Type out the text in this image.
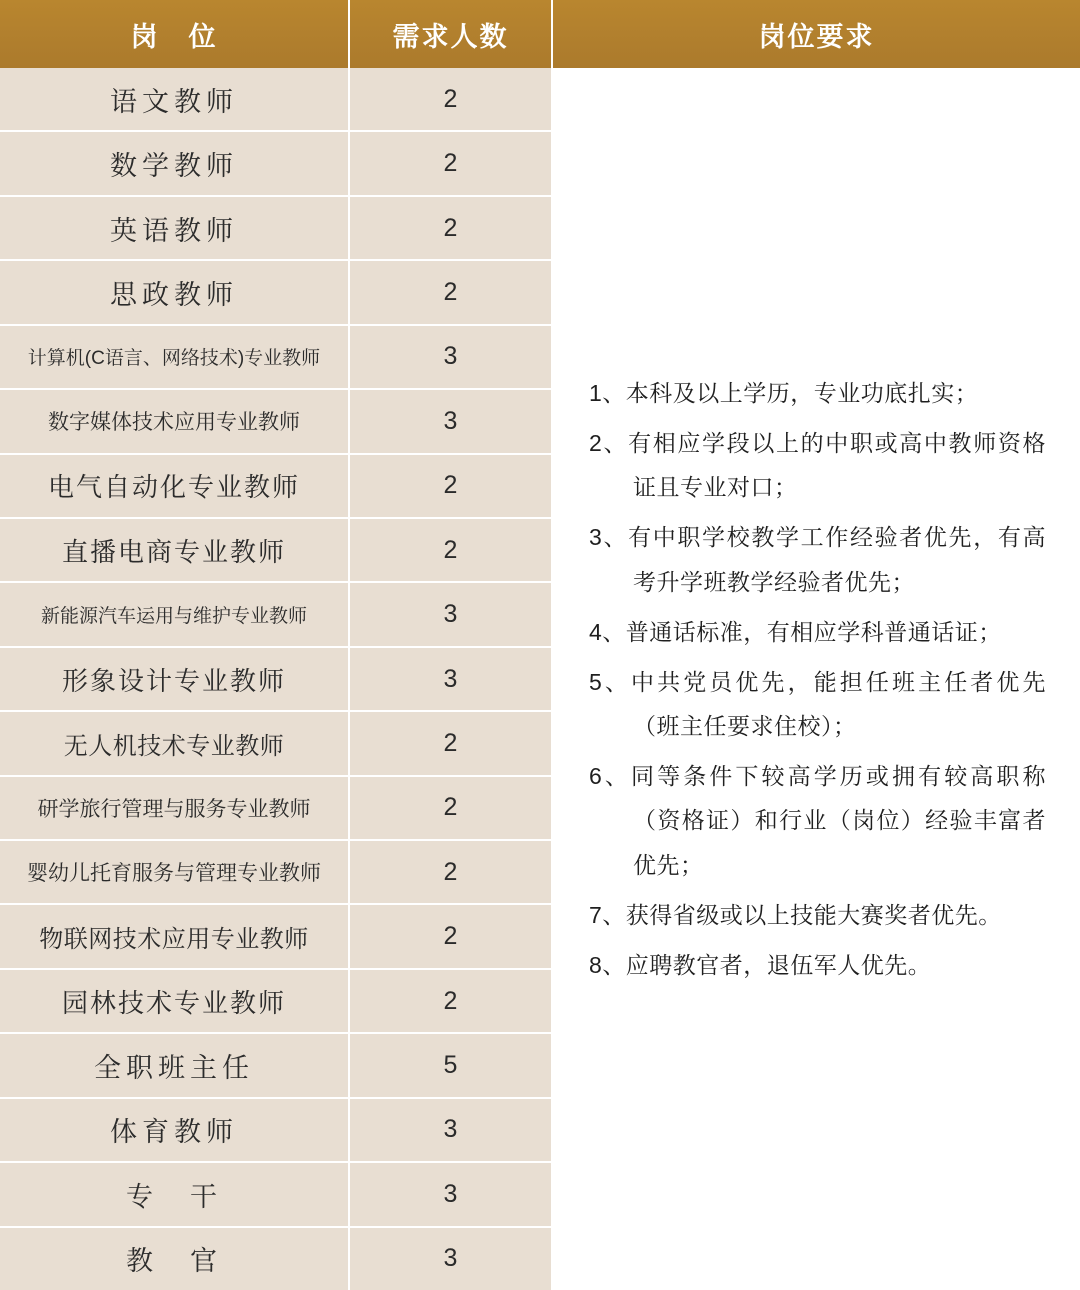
岗　位	需求人数	岗位要求
语文教师	2
数学教师	2
英语教师	2
思政教师	2
计算机(C语言、网络技术)专业教师	3
数字媒体技术应用专业教师	3
电气自动化专业教师	2
直播电商专业教师	2
新能源汽车运用与维护专业教师	3
形象设计专业教师	3
无人机技术专业教师	2
研学旅行管理与服务专业教师	2
婴幼儿托育服务与管理专业教师	2
物联网技术应用专业教师	2
园林技术专业教师	2
全职班主任	5
体育教师	3
专　干	3
教　官	3

1、本科及以上学历，专业功底扎实；

2、有相应学段以上的中职或高中教师资格证且专业对口；

3、有中职学校教学工作经验者优先，有高考升学班教学经验者优先；

4、普通话标准，有相应学科普通话证；

5、中共党员优先，能担任班主任者优先（班主任要求住校）；

6、同等条件下较高学历或拥有较高职称（资格证）和行业（岗位）经验丰富者优先；

7、获得省级或以上技能大赛奖者优先。

8、应聘教官者，退伍军人优先。
